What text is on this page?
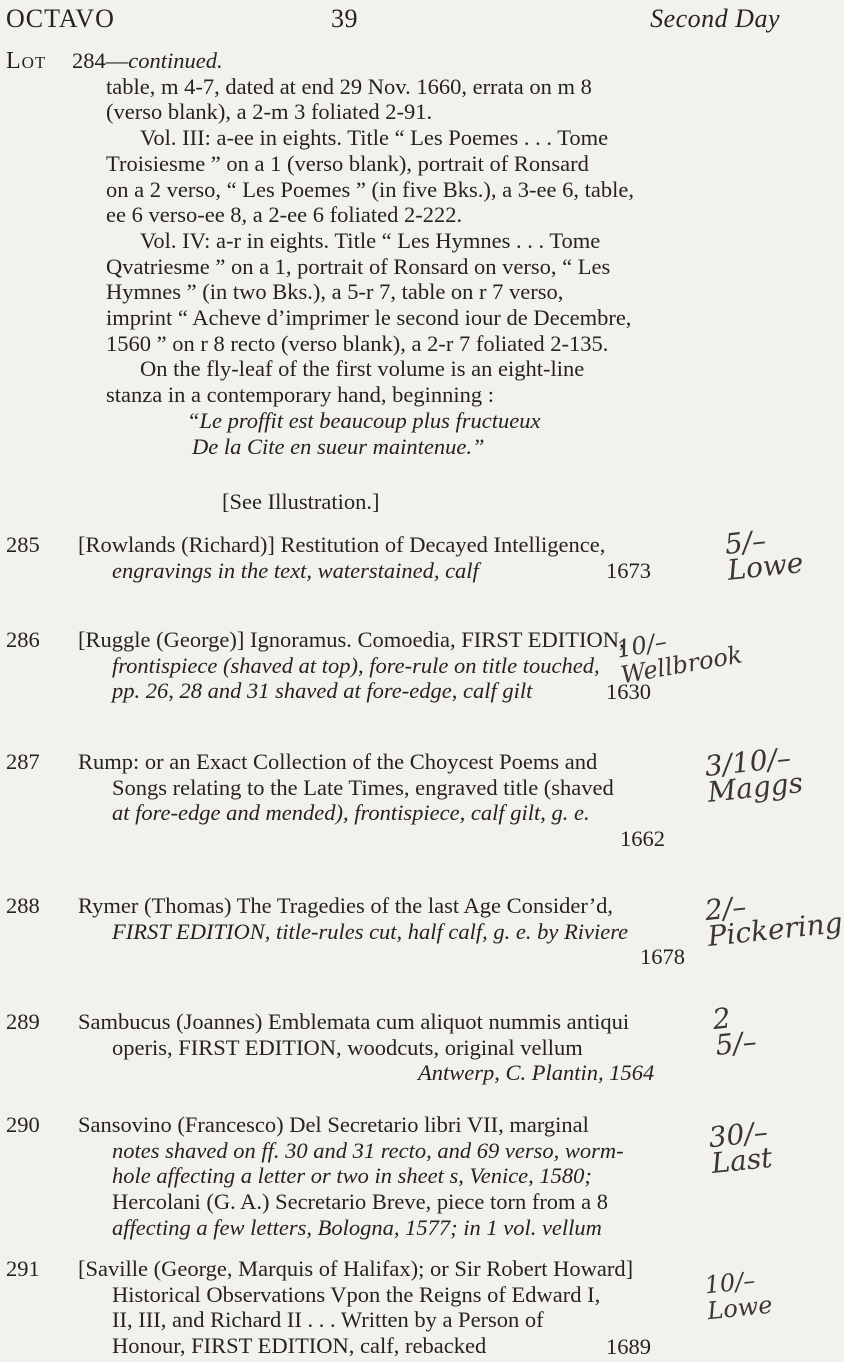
OCTAVO	39	Second Day
Lot 284—continued.
table, m 4-7, dated at end 29 Nov. 1660, errata on m 8
(verso blank), a 2-m 3 foliated 2-91.
Vol. III: a-ee in eights. Title “ Les Poemes . . . Tome
Troisiesme ” on a 1 (verso blank), portrait of Ronsard
on a 2 verso, “ Les Poemes ” (in five Bks.), a 3-ee 6, table,
ee 6 verso-ee 8, a 2-ee 6 foliated 2-222.
Vol. IV: a-r in eights. Title “ Les Hymnes . . . Tome
Qvatriesme ” on a 1, portrait of Ronsard on verso, “ Les
Hymnes ” (in two Bks.), a 5-r 7, table on r 7 verso,
imprint “ Acheve d’imprimer le second iour de Decembre,
1560 ” on r 8 recto (verso blank), a 2-r 7 foliated 2-135.
On the fly-leaf of the first volume is an eight-line
stanza in a contemporary hand, beginning :
“Le proffit est beaucoup plus fructueux
De la Cite en sueur maintenue.”
[See Illustration.]
285	[Rowlands (Richard)] Restitution of Decayed Intelligence,
engravings in the text, waterstained, calf	1673
5/– Lowe
286	[Ruggle (George)] Ignoramus. Comoedia, FIRST EDITION,
frontispiece (shaved at top), fore-rule on title touched,
pp. 26, 28 and 31 shaved at fore-edge, calf gilt	1630
10/– Wellbrook
287	Rump: or an Exact Collection of the Choycest Poems and
Songs relating to the Late Times, engraved title (shaved
at fore-edge and mended), frontispiece, calf gilt, g. e.
1662
3/10/– Maggs
288	Rymer (Thomas) The Tragedies of the last Age Consider’d,
FIRST EDITION, title-rules cut, half calf, g. e. by Riviere
1678
2/– Pickering
289	Sambucus (Joannes) Emblemata cum aliquot nummis antiqui
operis, FIRST EDITION, woodcuts, original vellum
Antwerp, C. Plantin, 1564
2 5/–
290	Sansovino (Francesco) Del Secretario libri VII, marginal
notes shaved on ff. 30 and 31 recto, and 69 verso, worm-
hole affecting a letter or two in sheet s, Venice, 1580;
Hercolani (G. A.) Secretario Breve, piece torn from a 8
affecting a few letters, Bologna, 1577; in 1 vol. vellum
30/– Last
291	[Saville (George, Marquis of Halifax); or Sir Robert Howard]
Historical Observations Vpon the Reigns of Edward I,
II, III, and Richard II . . . Written by a Person of
Honour, FIRST EDITION, calf, rebacked	1689
10/– Lowe
